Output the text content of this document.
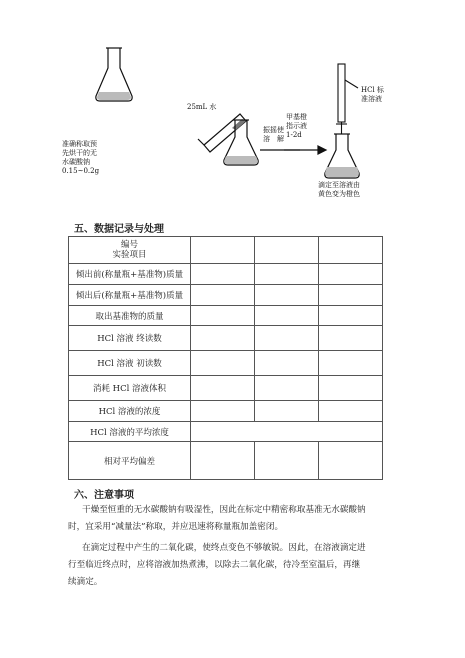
准确称取预
先烘干的无
水碳酸钠
0.15~0.2g
25mL 水
振摇使
溶　解
甲基橙
指示液
1-2d
HCl 标
准溶液
滴定至溶液由
黄色变为橙色
五、数据记录与处理
编号
实验项目			

倾出前(称量瓶+基准物)质量			
倾出后(称量瓶+基准物)质量			
取出基准物的质量			
HCl 溶液 终读数			
HCl 溶液 初读数			
消耗 HCl 溶液体积			
HCl 溶液的浓度			
HCl 溶液的平均浓度			
相对平均偏差			
六、注意事项
干燥至恒重的无水碳酸钠有吸湿性，因此在标定中精密称取基准无水碳酸钠
时，宜采用“减量法”称取，并应迅速将称量瓶加盖密闭。
在滴定过程中产生的二氧化碳，使终点变色不够敏锐。因此，在溶液滴定进
行至临近终点时，应将溶液加热煮沸，以除去二氧化碳，待冷至室温后，再继
续滴定。
